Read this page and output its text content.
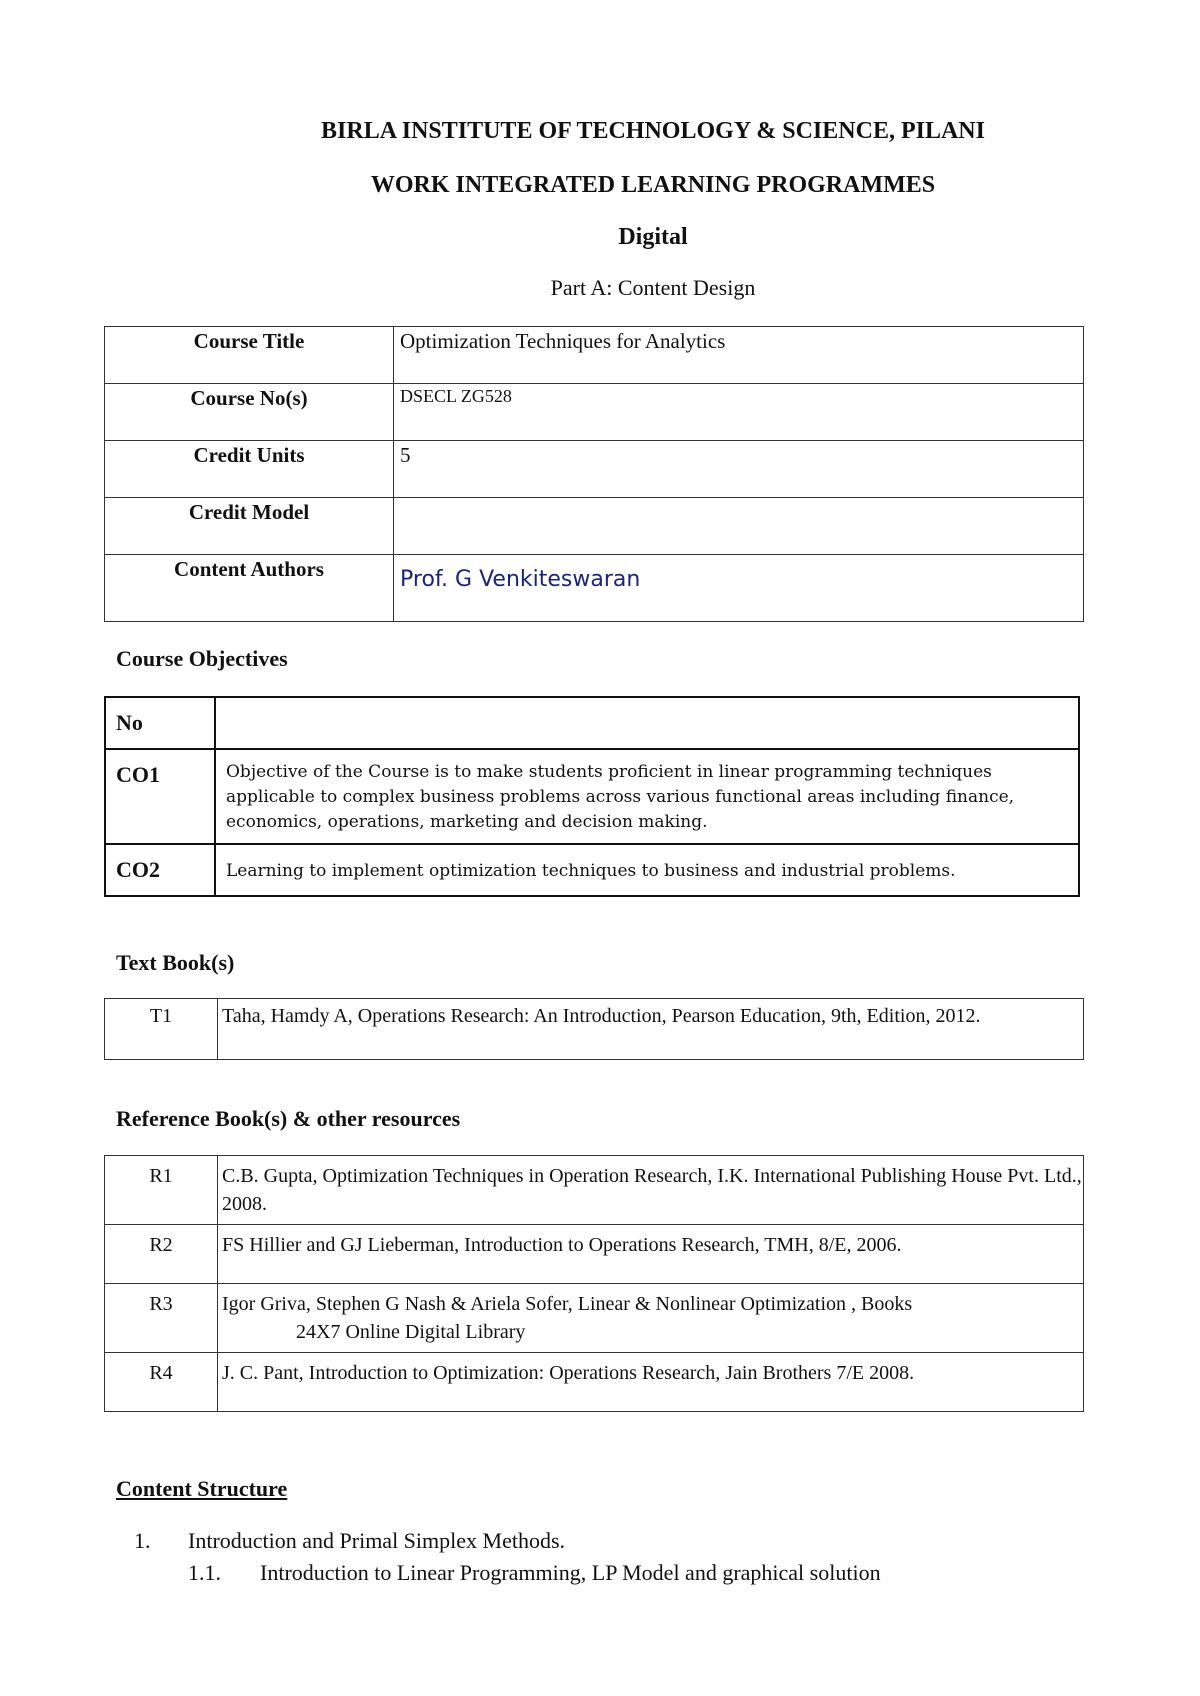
BIRLA INSTITUTE OF TECHNOLOGY & SCIENCE, PILANI
WORK INTEGRATED LEARNING PROGRAMMES
Digital
Part A: Content Design
Course Title	Optimization Techniques for Analytics
Course No(s)	DSECL ZG528
Credit Units	5
Credit Model	
Content Authors	Prof. G Venkiteswaran
Course Objectives
No	
CO1	Objective of the Course is to make students proficient in linear programming techniques applicable to complex business problems across various functional areas including finance, economics, operations, marketing and decision making.
CO2	Learning to implement optimization techniques to business and industrial problems.
Text Book(s)
T1	Taha, Hamdy A, Operations Research: An Introduction, Pearson Education, 9th, Edition, 2012.
Reference Book(s) & other resources
R1	C.B. Gupta, Optimization Techniques in Operation Research, I.K. International Publishing House Pvt. Ltd., 2008.
R2	FS Hillier and GJ Lieberman, Introduction to Operations Research, TMH, 8/E, 2006.
R3	Igor Griva, Stephen G Nash & Ariela Sofer, Linear & Nonlinear Optimization , Books
24X7 Online Digital Library

R4	J. C. Pant, Introduction to Optimization: Operations Research, Jain Brothers 7/E 2008.
Content Structure
1. Introduction and Primal Simplex Methods.
1.1. Introduction to Linear Programming, LP Model and graphical solution
